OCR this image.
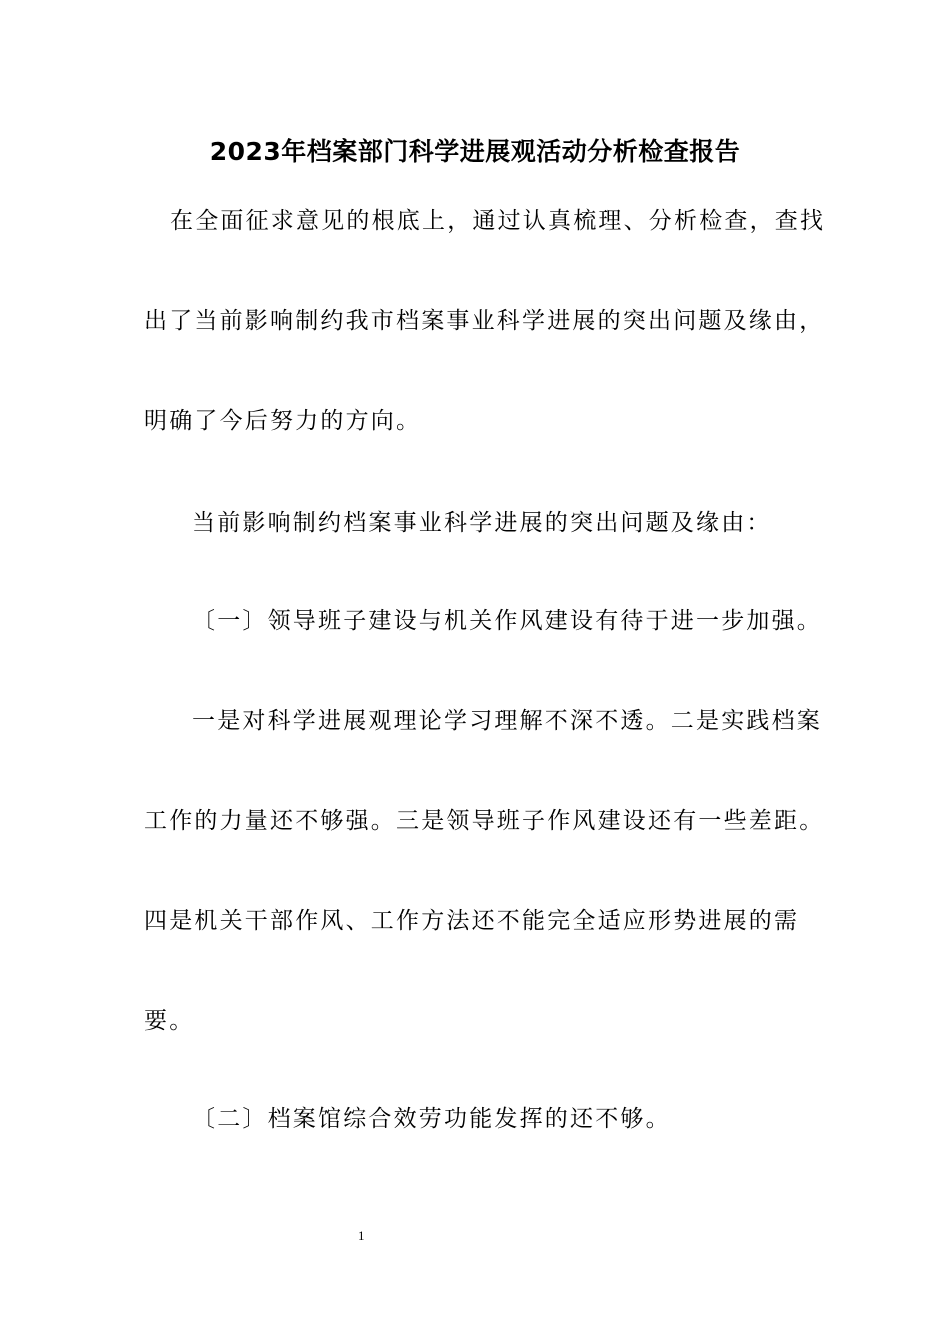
2023年档案部门科学进展观活动分析检查报告
在全面征求意见的根底上，通过认真梳理、分析检查，查找
出了当前影响制约我市档案事业科学进展的突出问题及缘由，
明确了今后努力的方向。
当前影响制约档案事业科学进展的突出问题及缘由：
〔一〕领导班子建设与机关作风建设有待于进一步加强。
一是对科学进展观理论学习理解不深不透。二是实践档案
工作的力量还不够强。三是领导班子作风建设还有一些差距。
四是机关干部作风、工作方法还不能完全适应形势进展的需
要。
〔二〕档案馆综合效劳功能发挥的还不够。
1
